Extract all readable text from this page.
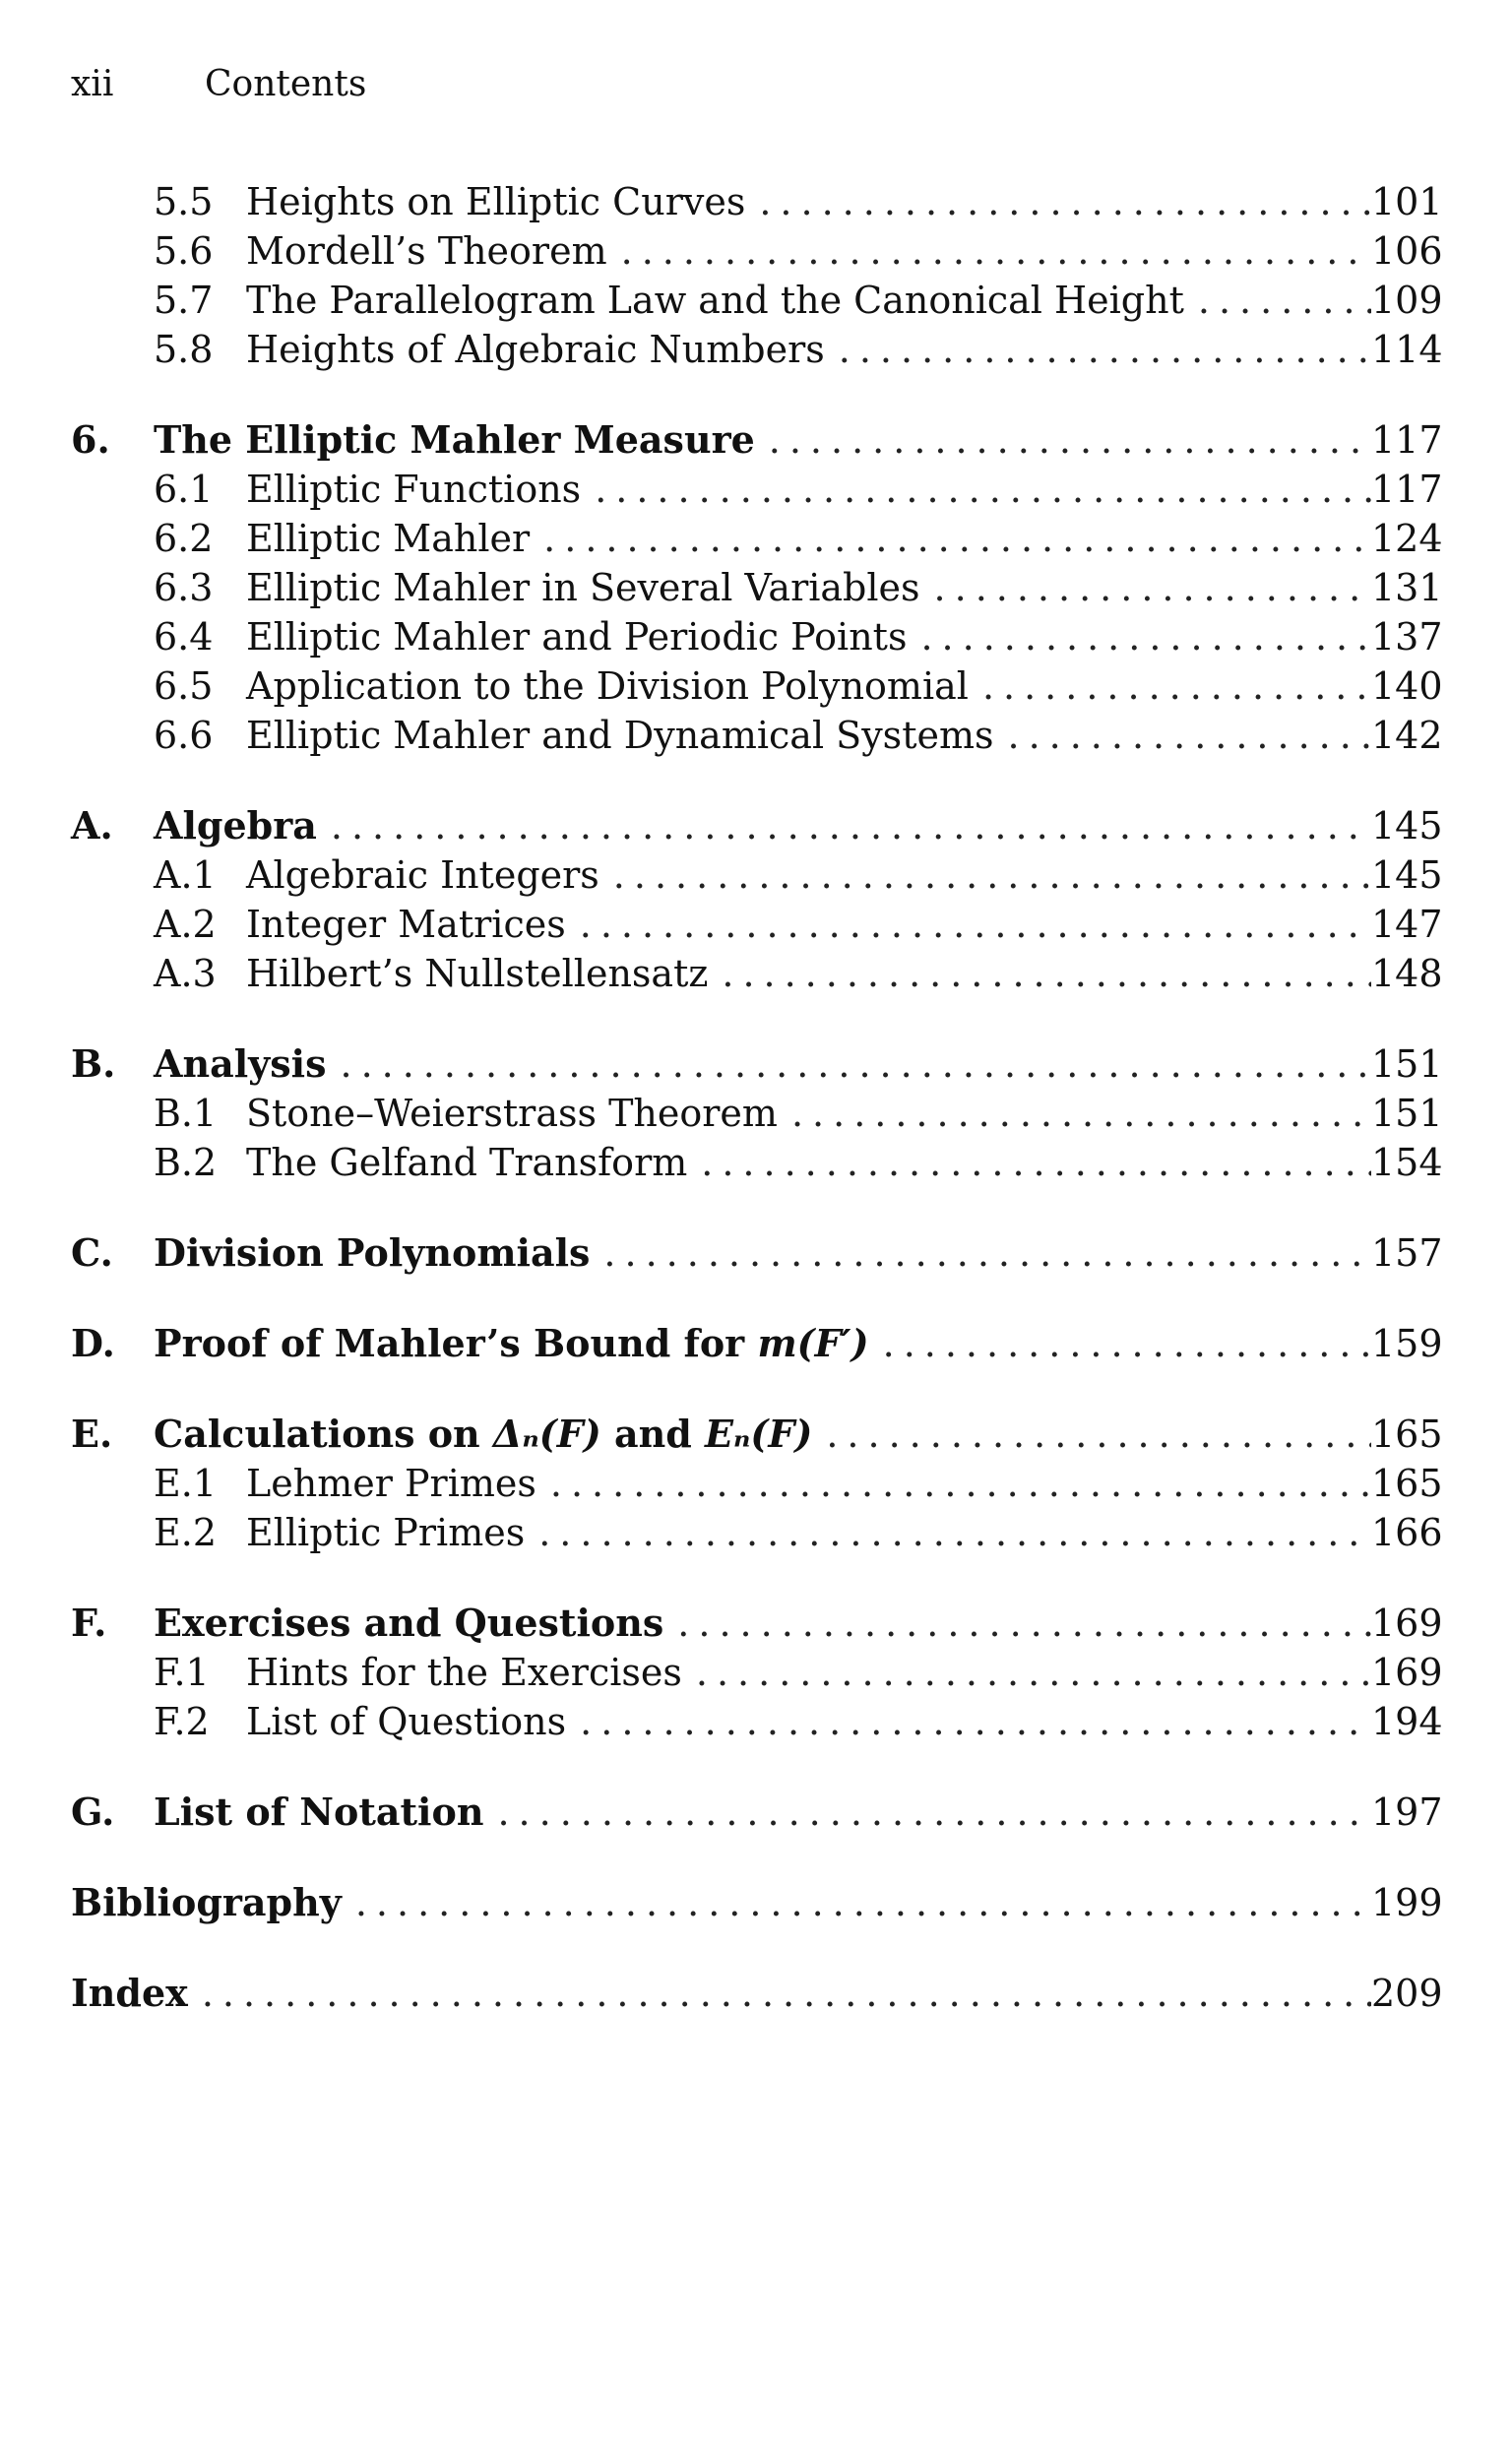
xii	Contents
5.5 Heights on Elliptic Curves .....	101
5.6 Mordell’s Theorem .....	106
5.7 The Parallelogram Law and the Canonical Height .....	109
5.8 Heights of Algebraic Numbers .....	114
6.	The Elliptic Mahler Measure .....	117
6.1 Elliptic Functions .....	117
6.2 Elliptic Mahler .....	124
6.3 Elliptic Mahler in Several Variables .....	131
6.4 Elliptic Mahler and Periodic Points .....	137
6.5 Application to the Division Polynomial .....	140
6.6 Elliptic Mahler and Dynamical Systems .....	142
A.	Algebra .....	145
A.1 Algebraic Integers .....	145
A.2 Integer Matrices .....	147
A.3 Hilbert’s Nullstellensatz .....	148
B.	Analysis .....	151
B.1 Stone–Weierstrass Theorem .....	151
B.2 The Gelfand Transform .....	154
C.	Division Polynomials .....	157
D.	Proof of Mahler’s Bound for m(F′) .....	159
E.	Calculations on Δₙ(F) and Eₙ(F) .....	165
E.1 Lehmer Primes .....	165
E.2 Elliptic Primes .....	166
F.	Exercises and Questions .....	169
F.1 Hints for the Exercises .....	169
F.2 List of Questions .....	194
G.	List of Notation .....	197
Bibliography .....	199
Index .....	209
